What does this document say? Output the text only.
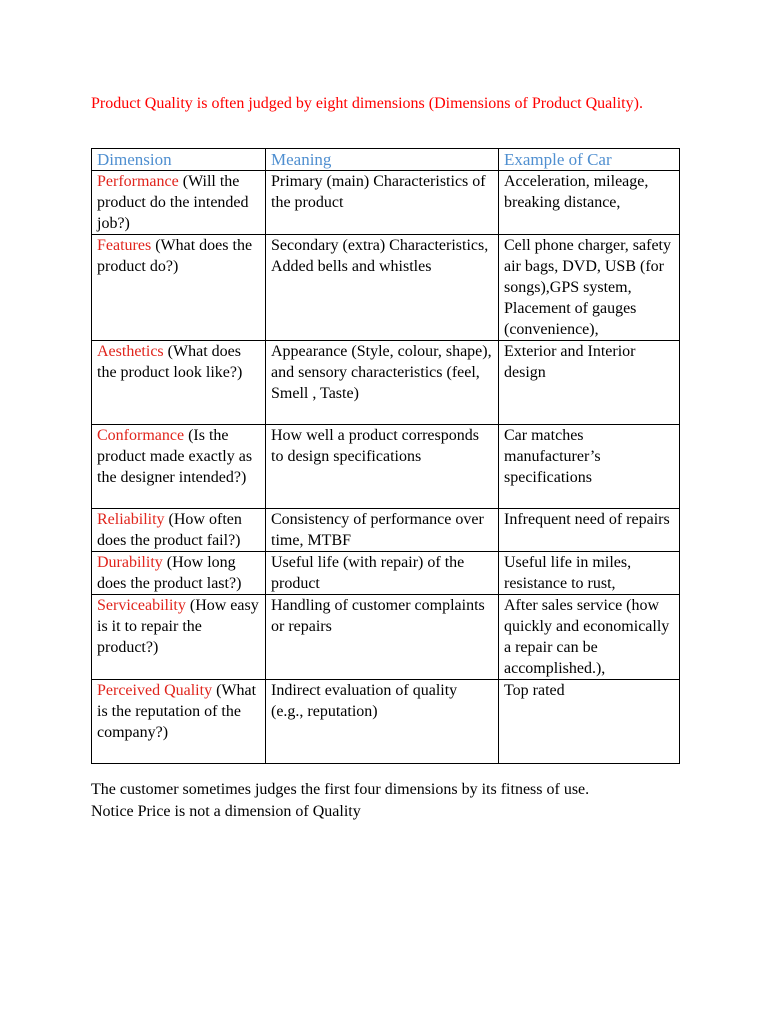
Product Quality is often judged by eight dimensions (Dimensions of Product Quality).

Dimension	Meaning	Example of Car
Performance (Will the product do the intended job?)	Primary (main) Characteristics of the product	Acceleration, mileage, breaking distance,
Features (What does the product do?)	Secondary (extra) Characteristics, Added bells and whistles	Cell phone charger, safety air bags, DVD, USB (for songs),GPS system, Placement of gauges (convenience),
Aesthetics (What does the product look like?)	Appearance (Style, colour, shape), and sensory characteristics (feel, Smell , Taste)	Exterior and Interior design
Conformance (Is the product made exactly as the designer intended?)	How well a product corresponds to design specifications	Car matches manufacturer’s specifications
Reliability (How often does the product fail?)	Consistency of performance over time, MTBF	Infrequent need of repairs
Durability (How long does the product last?)	Useful life (with repair) of the product	Useful life in miles, resistance to rust,
Serviceability (How easy is it to repair the product?)	Handling of customer complaints or repairs	After sales service (how quickly and economically a repair can be accomplished.),
Perceived Quality (What is the reputation of the company?)	Indirect evaluation of quality (e.g., reputation)	Top rated

The customer sometimes judges the first four dimensions by its fitness of use.
Notice Price is not a dimension of Quality
